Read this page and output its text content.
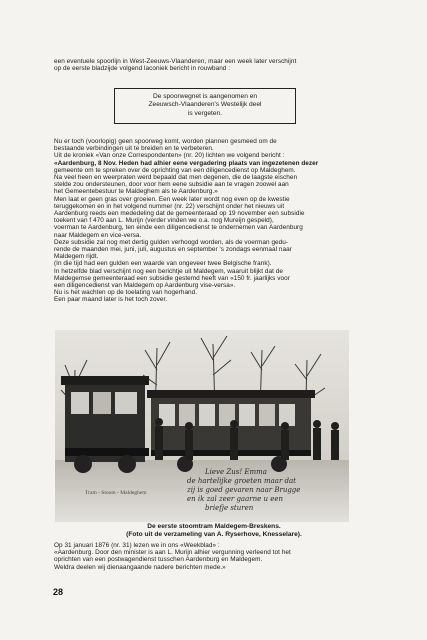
een eventuele spoorlijn in West-Zeeuws-Vlaanderen, maar een week later verschijnt
op de eerste bladzijde volgend laconiek bericht in rouwband :

De spoorwegnet is aangenomen en
Zeeuwsch-Vlaanderen's Westelijk deel
is vergeten.

Nu er toch (voorlopig) geen spoorweg komt, worden plannen gesmeed om de
bestaande verbindingen uit te breiden en te verbeteren.
Uit de kroniek «Van onze Correspondenten» (nr. 20) lichten we volgend bericht :
«Aardenburg, 8 Nov. Heden had alhier eene vergadering plaats van ingezetenen dezer
gemeente om te spreken over de oprichting van een diligencedienst op Maldeghem.
Na veel heen en weerpraten werd bepaald dat men degenen, die de laagste eischen
stelde zou ondersteunen, door voor hem eene subsidie aan te vragen zoowel aan
het Gemeentebestuur te Maldeghem als te Aardenburg.»
Men laat er geen gras over groeien. Een week later wordt nog even op de kwestie
teruggekomen en in het volgend nummer (nr. 22) verschijnt onder het nieuws uit
Aardenburg reeds een mededeling dat de gemeenteraad op 19 november een subsidie
toekent van f 470 aan L. Murijn (verder vinden we o.a. nog Mureijn gespeld),
voerman te Aardenburg, ten einde een diligencedienst te ondernemen van Aardenburg
naar Maldegem en vice-versa.
Deze subsidie zal nog met dertig gulden verhoogd worden, als de voerman gedu-
rende de maanden mei, juni, juli, augustus en september 's zondags eenmaal naar
Maldegem rijdt.
(In die tijd had een gulden een waarde van ongeveer twee Belgische frank).
In hetzelfde blad verschijnt nog een berichtje uit Maldegem, waaruit blijkt dat de
Maldegemse gemeenteraad een subsidie gestemd heeft van «150 fr. jaarlijks voor
een diligencedienst van Maldegem op Aardenburg vise-versa».
Nu is het wachten op de toelating van hogerhand.
Een paar maand later is het toch zover.

Tram - Stoom - Maldeghem
Lieve Zus! Emma
de hartelijke groeten maar dat
zij is goed gevaren naar Brugge
en ik zal zeer gaarne u een
briefje sturen
De eerste stoomtram Maldegem-Breskens.
(Foto uit de verzameling van A. Ryserhove, Knesselare).

Op 31 januari 1876 (nr. 31) lezen we in ons «Weekblad» :
«Aardenburg. Door den minister is aan L. Murijn alhier vergunning verleend tot het
oprichten van een postwagendienst tusschen Aardenburg en Maldegem.
Weldra deelen wij dienaangaande nadere berichten mede.»

28
